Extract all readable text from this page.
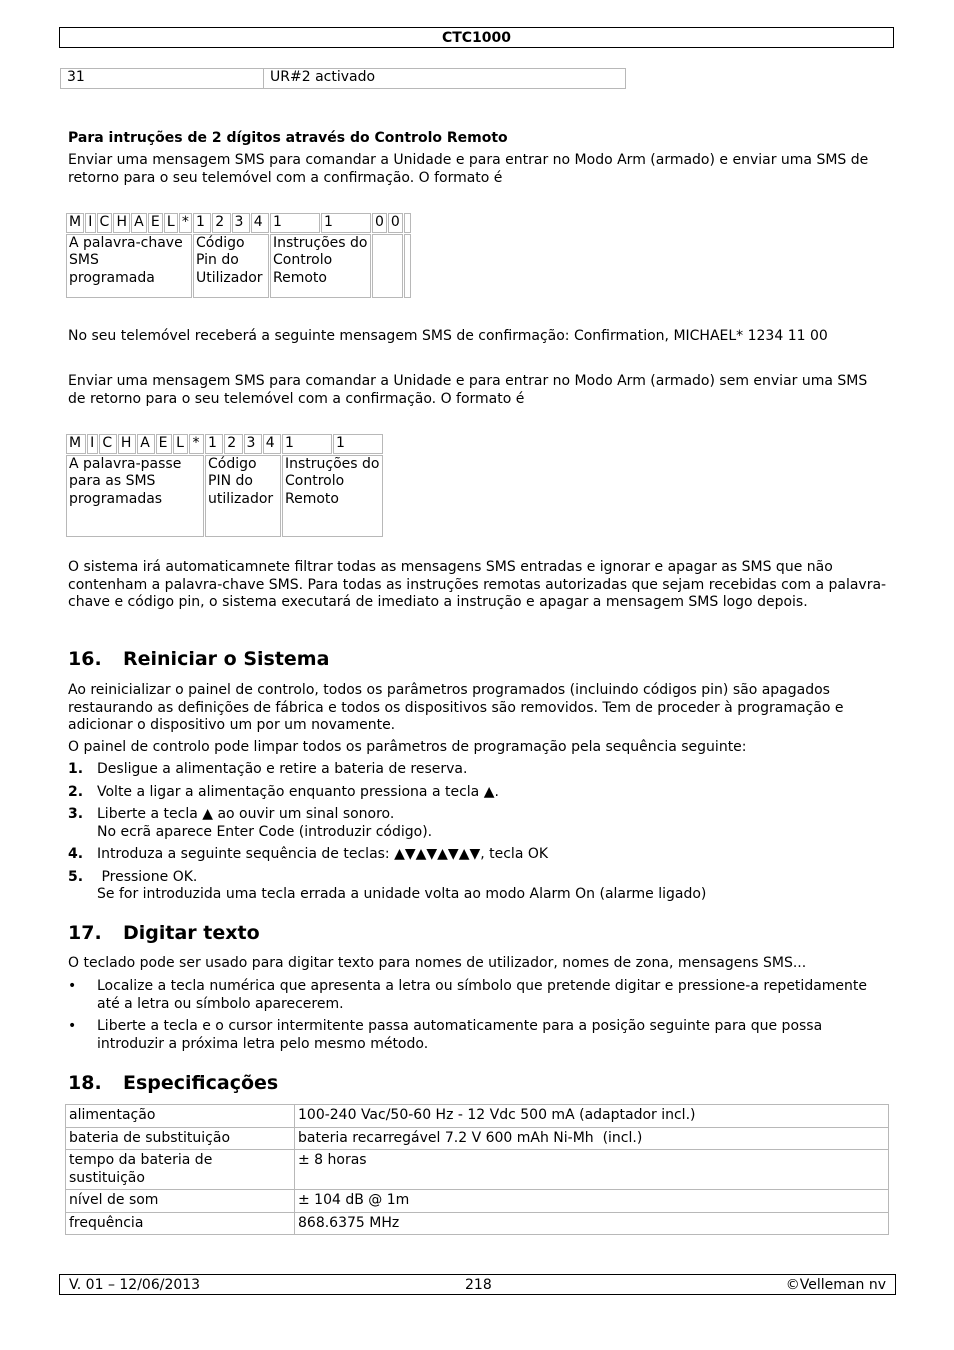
CTC1000
31	UR#2 activado

Para intruções de 2 dígitos através do Controlo Remoto

Enviar uma mensagem SMS para comandar a Unidade e para entrar no Modo Arm (armado) e enviar uma SMS de retorno para o seu telemóvel com a confirmação. O formato é

M	I	C	H	A	E	L	*	1	2	3	4	1	1	0	0	
A palavra-chave SMS programada								Código Pin do Utilizador				Instruções do Controlo Remoto				

No seu telemóvel receberá a seguinte mensagem SMS de confirmação: Confirmation, MICHAEL* 1234 11 00

Enviar uma mensagem SMS para comandar a Unidade e para entrar no Modo Arm (armado) sem enviar uma SMS de retorno para o seu telemóvel com a confirmação. O formato é

M	I	C	H	A	E	L	*	1	2	3	4	1	1
A palavra-passe para as SMS programadas								Código PIN do utilizador				Instruções do Controlo Remoto	

O sistema irá automaticamnete filtrar todas as mensagens SMS entradas e ignorar e apagar as SMS que não contenham a palavra-chave SMS. Para todas as instruções remotas autorizadas que sejam recebidas com a palavra-chave e código pin, o sistema executará de imediato a instrução e apagar a mensagem SMS logo depois.

16. Reiniciar o Sistema

Ao reinicializar o painel de controlo, todos os parâmetros programados (incluindo códigos pin) são apagados restaurando as definições de fábrica e todos os dispositivos são removidos. Tem de proceder à programação e adicionar o dispositivo um por um novamente.

O painel de controlo pode limpar todos os parâmetros de programação pela sequência seguinte:

1. Desligue a alimentação e retire a bateria de reserva.
2. Volte a ligar a alimentação enquanto pressiona a tecla ▲.
3. Liberte a tecla ▲ ao ouvir um sinal sonoro.
No ecrã aparece Enter Code (introduzir código).
4. Introduza a seguinte sequência de teclas: ▲▼▲▼▲▼▲▼, tecla OK
5. Pressione OK.
Se for introduzida uma tecla errada a unidade volta ao modo Alarm On (alarme ligado)
17. Digitar texto

O teclado pode ser usado para digitar texto para nomes de utilizador, nomes de zona, mensagens SMS...

• Localize a tecla numérica que apresenta a letra ou símbolo que pretende digitar e pressione-a repetidamente até a letra ou símbolo aparecerem.
• Liberte a tecla e o cursor intermitente passa automaticamente para a posição seguinte para que possa introduzir a próxima letra pelo mesmo método.
18. Especificações
alimentação	100-240 Vac/50-60 Hz - 12 Vdc 500 mA (adaptador incl.)
bateria de substituição	bateria recarregável 7.2 V 600 mAh Ni-Mh  (incl.)
tempo da bateria de sustituição	± 8 horas
nível de som	± 104 dB @ 1m
frequência	868.6375 MHz
V. 01 – 12/06/2013	218	©Velleman nv
